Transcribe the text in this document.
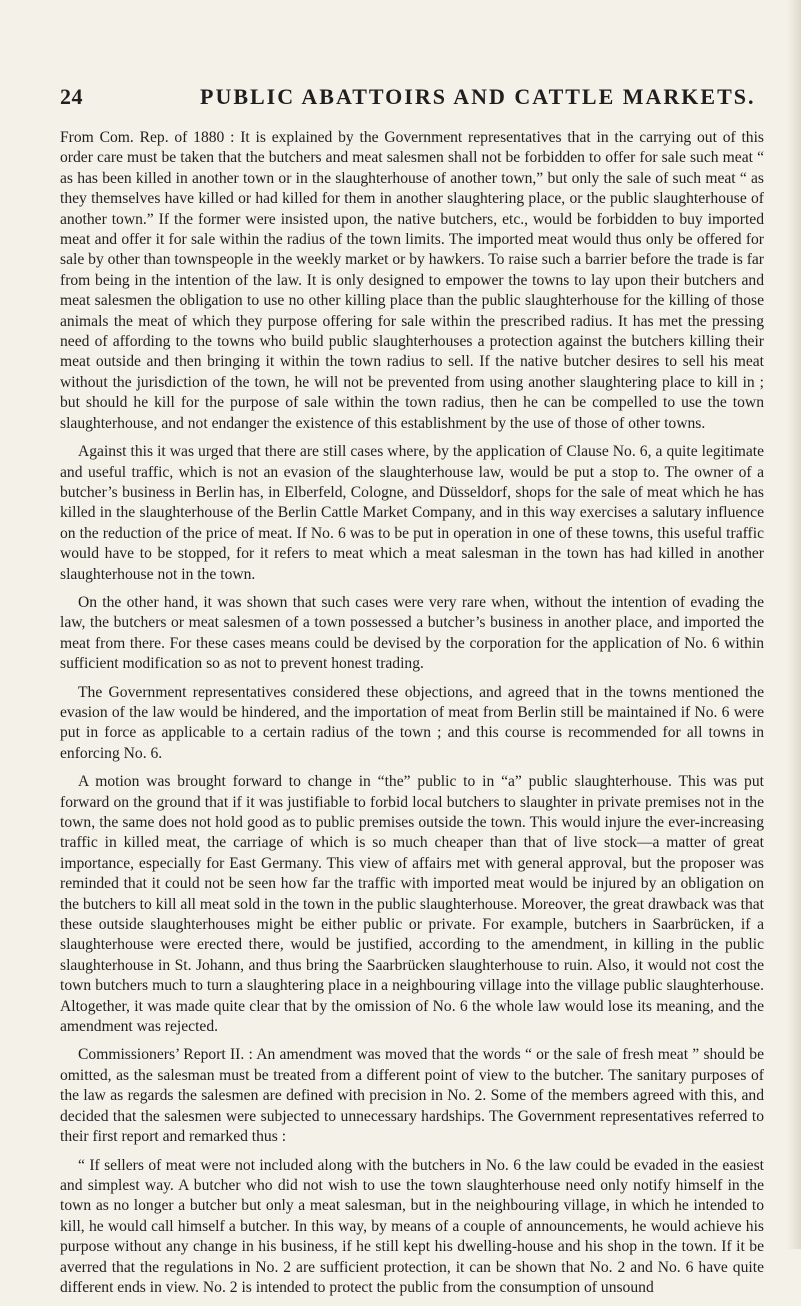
24	PUBLIC ABATTOIRS AND CATTLE MARKETS.

From Com. Rep. of 1880 : It is explained by the Government representatives that in the carrying out of this order care must be taken that the butchers and meat salesmen shall not be forbidden to offer for sale such meat “ as has been killed in another town or in the slaughterhouse of another town,” but only the sale of such meat “ as they themselves have killed or had killed for them in another slaughtering place, or the public slaughterhouse of another town.” If the former were insisted upon, the native butchers, etc., would be forbidden to buy imported meat and offer it for sale within the radius of the town limits. The imported meat would thus only be offered for sale by other than townspeople in the weekly market or by hawkers. To raise such a barrier before the trade is far from being in the intention of the law. It is only designed to empower the towns to lay upon their butchers and meat salesmen the obligation to use no other killing place than the public slaughterhouse for the killing of those animals the meat of which they purpose offering for sale within the prescribed radius. It has met the pressing need of affording to the towns who build public slaughterhouses a protection against the butchers killing their meat outside and then bringing it within the town radius to sell. If the native butcher desires to sell his meat without the jurisdiction of the town, he will not be prevented from using another slaughtering place to kill in ; but should he kill for the purpose of sale within the town radius, then he can be compelled to use the town slaughterhouse, and not endanger the existence of this establishment by the use of those of other towns.

Against this it was urged that there are still cases where, by the application of Clause No. 6, a quite legitimate and useful traffic, which is not an evasion of the slaughterhouse law, would be put a stop to. The owner of a butcher’s business in Berlin has, in Elberfeld, Cologne, and Düsseldorf, shops for the sale of meat which he has killed in the slaughterhouse of the Berlin Cattle Market Company, and in this way exercises a salutary influence on the reduction of the price of meat. If No. 6 was to be put in operation in one of these towns, this useful traffic would have to be stopped, for it refers to meat which a meat salesman in the town has had killed in another slaughterhouse not in the town.

On the other hand, it was shown that such cases were very rare when, without the intention of evading the law, the butchers or meat salesmen of a town possessed a butcher’s business in another place, and imported the meat from there. For these cases means could be devised by the corporation for the application of No. 6 within sufficient modification so as not to prevent honest trading.

The Government representatives considered these objections, and agreed that in the towns mentioned the evasion of the law would be hindered, and the importation of meat from Berlin still be maintained if No. 6 were put in force as applicable to a certain radius of the town ; and this course is recommended for all towns in enforcing No. 6.

A motion was brought forward to change in “the” public to in “a” public slaughterhouse. This was put forward on the ground that if it was justifiable to forbid local butchers to slaughter in private premises not in the town, the same does not hold good as to public premises outside the town. This would injure the ever-increasing traffic in killed meat, the carriage of which is so much cheaper than that of live stock—a matter of great importance, especially for East Germany. This view of affairs met with general approval, but the proposer was reminded that it could not be seen how far the traffic with imported meat would be injured by an obligation on the butchers to kill all meat sold in the town in the public slaughterhouse. Moreover, the great drawback was that these outside slaughterhouses might be either public or private. For example, butchers in Saarbrücken, if a slaughterhouse were erected there, would be justified, according to the amendment, in killing in the public slaughterhouse in St. Johann, and thus bring the Saarbrücken slaughterhouse to ruin. Also, it would not cost the town butchers much to turn a slaughtering place in a neighbouring village into the village public slaughterhouse. Altogether, it was made quite clear that by the omission of No. 6 the whole law would lose its meaning, and the amendment was rejected.

Commissioners’ Report II. : An amendment was moved that the words “ or the sale of fresh meat ” should be omitted, as the salesman must be treated from a different point of view to the butcher. The sanitary purposes of the law as regards the salesmen are defined with precision in No. 2. Some of the members agreed with this, and decided that the salesmen were subjected to unnecessary hardships. The Government representatives referred to their first report and remarked thus :

“ If sellers of meat were not included along with the butchers in No. 6 the law could be evaded in the easiest and simplest way. A butcher who did not wish to use the town slaughterhouse need only notify himself in the town as no longer a butcher but only a meat salesman, but in the neighbouring village, in which he intended to kill, he would call himself a butcher. In this way, by means of a couple of announcements, he would achieve his purpose without any change in his business, if he still kept his dwelling-house and his shop in the town. If it be averred that the regulations in No. 2 are sufficient protection, it can be shown that No. 2 and No. 6 have quite different ends in view. No. 2 is intended to protect the public from the consumption of unsound
